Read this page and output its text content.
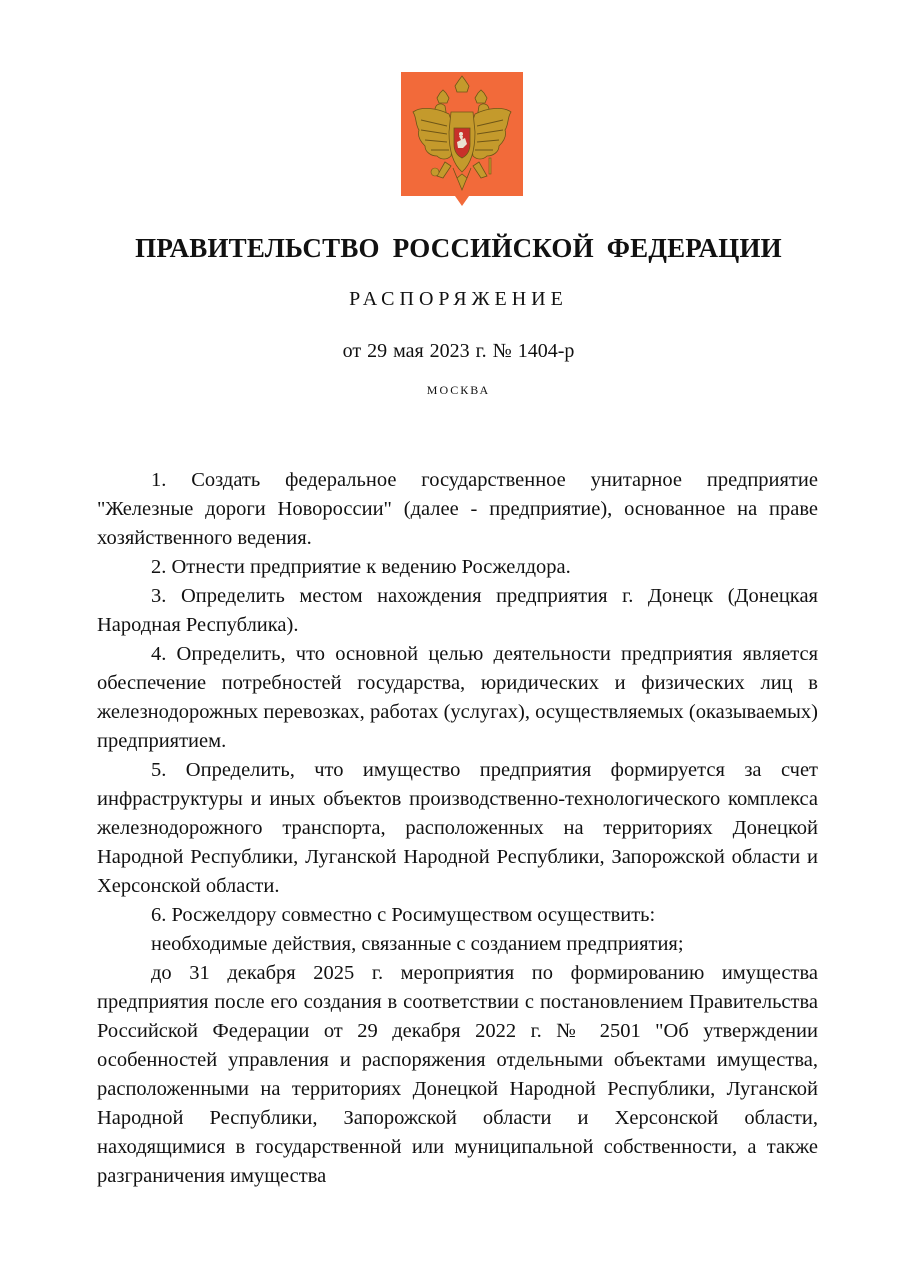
ПРАВИТЕЛЬСТВО РОССИЙСКОЙ ФЕДЕРАЦИИ
РАСПОРЯЖЕНИЕ
от 29 мая 2023 г. № 1404-р
МОСКВА

1. Создать федеральное государственное унитарное предприятие "Железные дороги Новороссии" (далее - предприятие), основанное на праве хозяйственного ведения.

2. Отнести предприятие к ведению Росжелдора.

3. Определить местом нахождения предприятия г. Донецк (Донецкая Народная Республика).

4. Определить, что основной целью деятельности предприятия является обеспечение потребностей государства, юридических и физических лиц в железнодорожных перевозках, работах (услугах), осуществляемых (оказываемых) предприятием.

5. Определить, что имущество предприятия формируется за счет инфраструктуры и иных объектов производственно-технологического комплекса железнодорожного транспорта, расположенных на территориях Донецкой Народной Республики, Луганской Народной Республики, Запорожской области и Херсонской области.

6. Росжелдору совместно с Росимуществом осуществить:

необходимые действия, связанные с созданием предприятия;

до 31 декабря 2025 г. мероприятия по формированию имущества предприятия после его создания в соответствии с постановлением Правительства Российской Федерации от 29 декабря 2022 г. № 2501 "Об утверждении особенностей управления и распоряжения отдельными объектами имущества, расположенными на территориях Донецкой Народной Республики, Луганской Народной Республики, Запорожской области и Херсонской области, находящимися в государственной или муниципальной собственности, а также разграничения имущества
